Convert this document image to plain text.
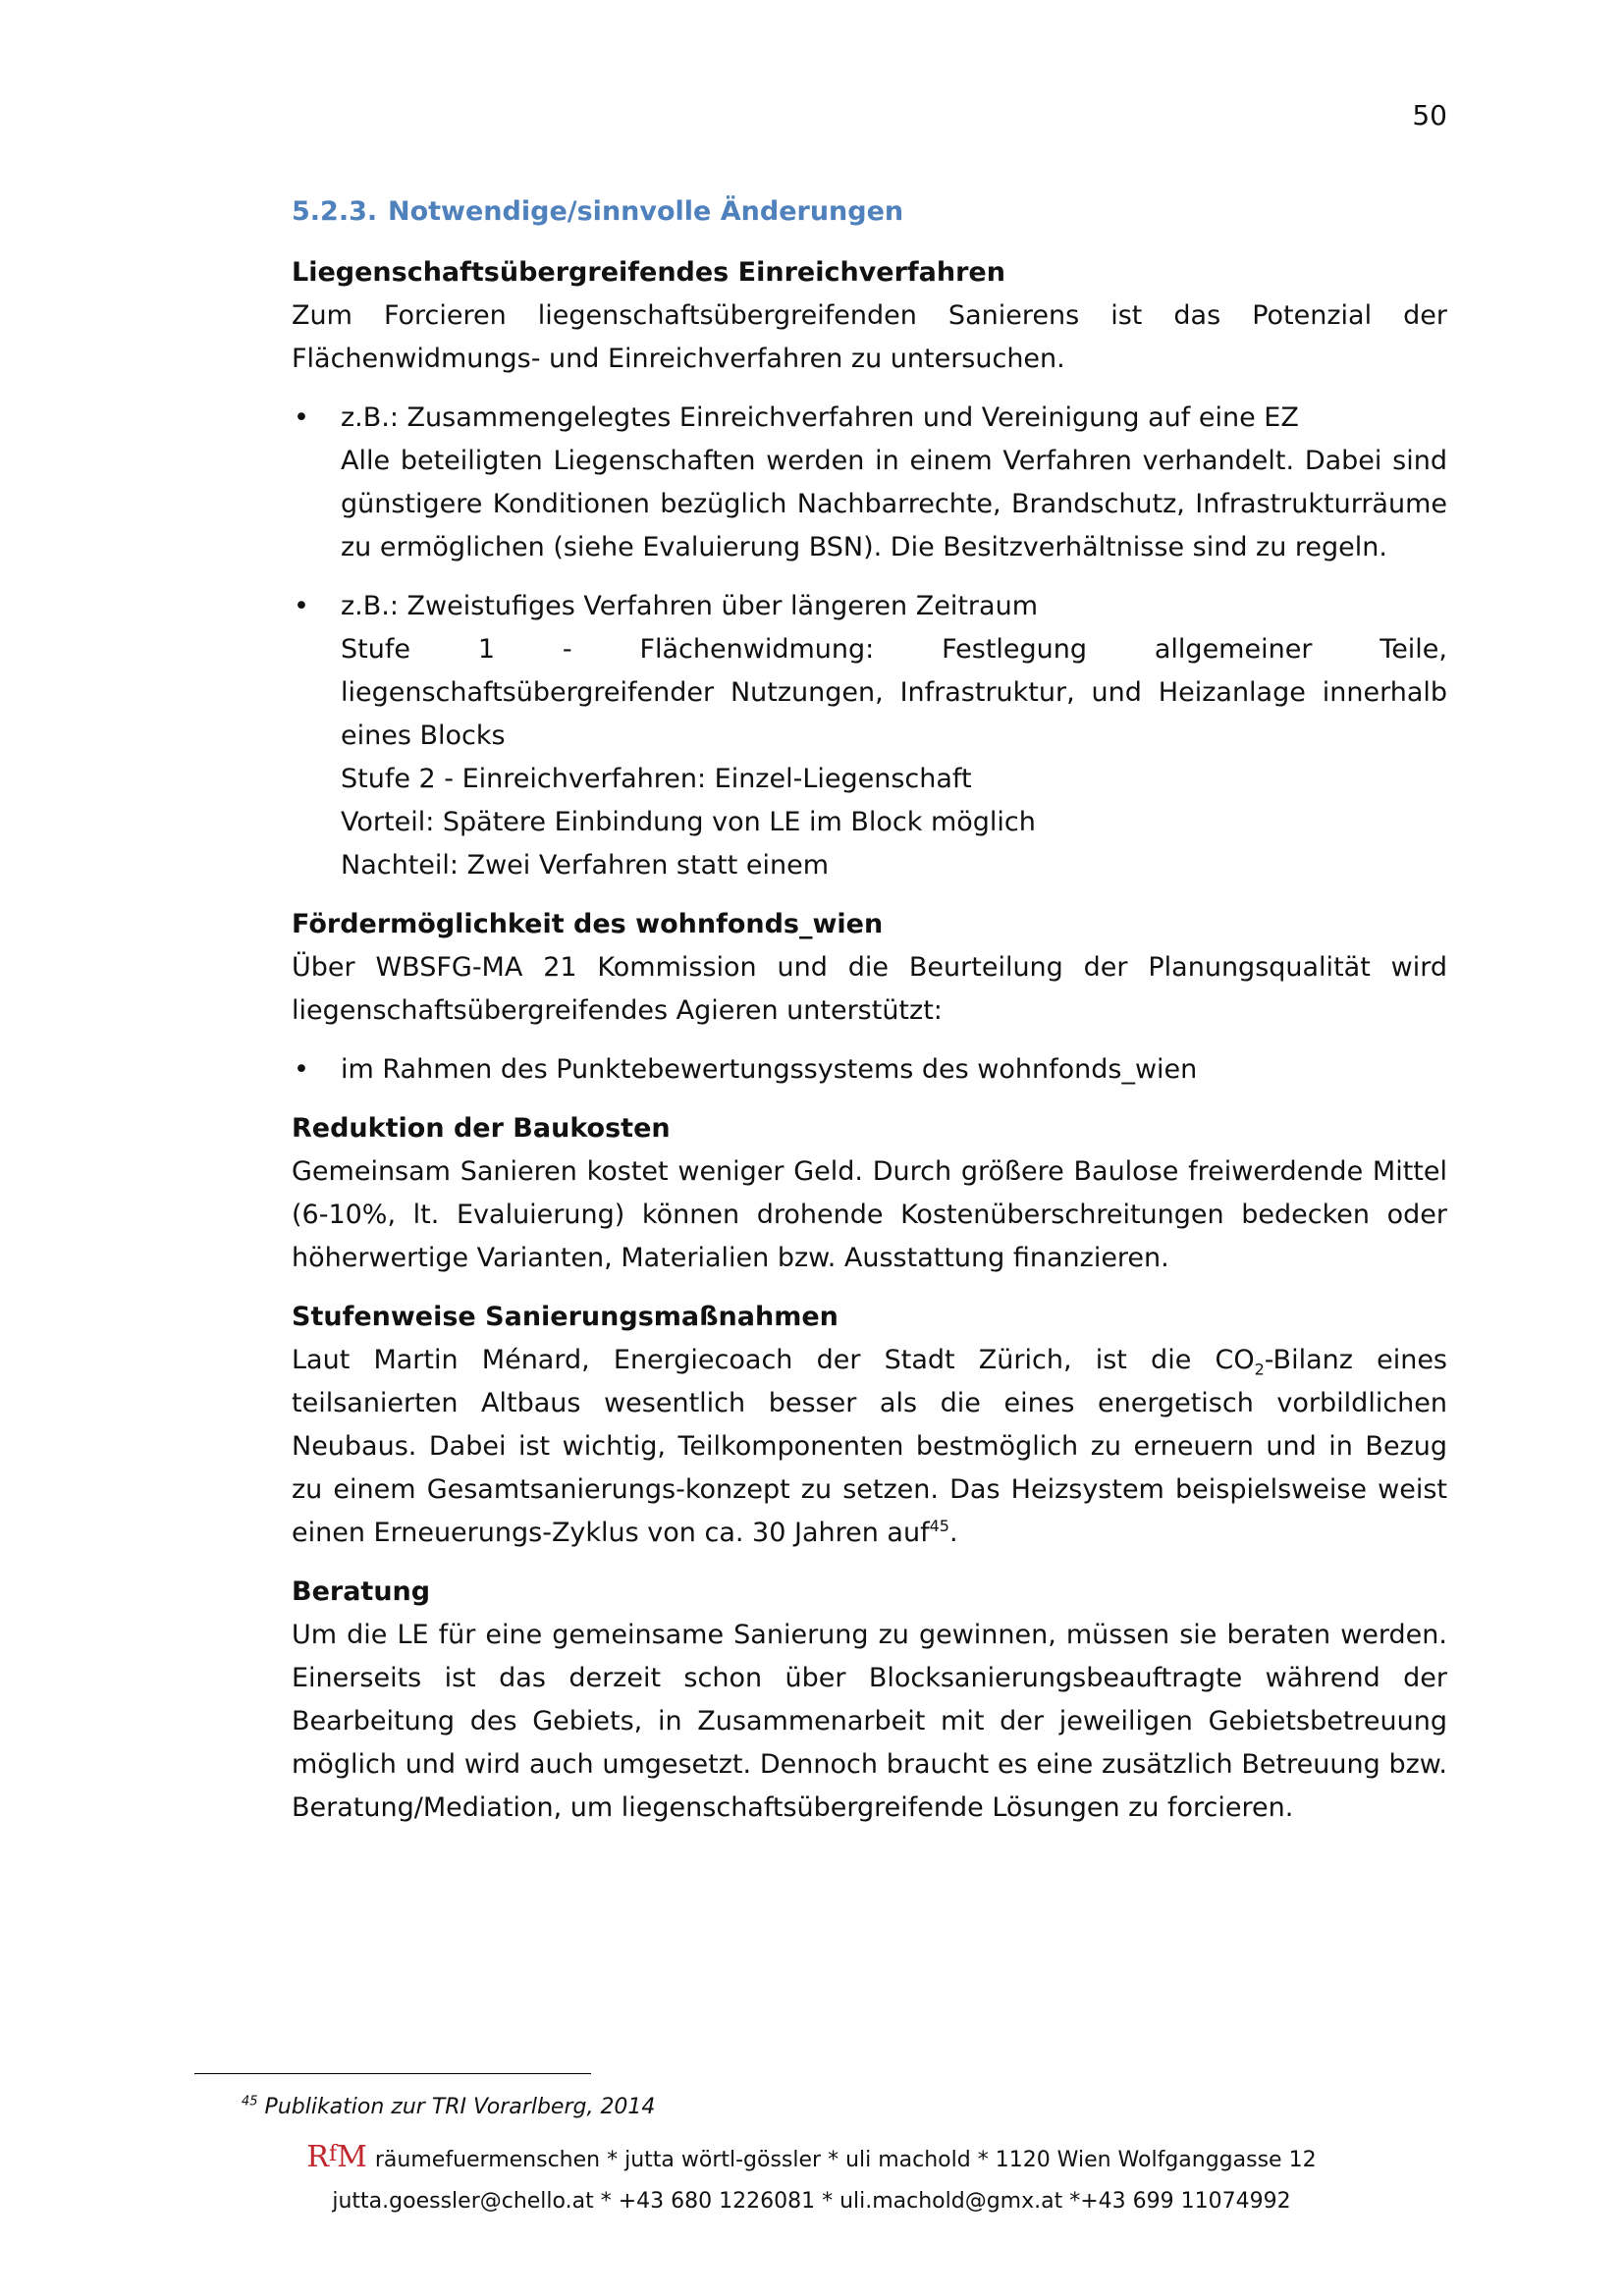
50
5.2.3. Notwendige/sinnvolle Änderungen
Liegenschaftsübergreifendes Einreichverfahren

Zum Forcieren liegenschaftsübergreifenden Sanierens ist das Potenzial der Flächenwidmungs- und Einreichverfahren zu untersuchen.

• z.B.: Zusammengelegtes Einreichverfahren und Vereinigung auf eine EZ
Alle beteiligten Liegenschaften werden in einem Verfahren verhandelt. Dabei sind günstigere Konditionen bezüglich Nachbarrechte, Brandschutz, Infrastrukturräume zu ermöglichen (siehe Evaluierung BSN). Die Besitzverhältnisse sind zu regeln.
• z.B.: Zweistufiges Verfahren über längeren Zeitraum
Stufe 1 - Flächenwidmung: Festlegung allgemeiner Teile, liegenschaftsübergreifender Nutzungen, Infrastruktur, und Heizanlage innerhalb eines Blocks
Stufe 2 - Einreichverfahren: Einzel-Liegenschaft
Vorteil: Spätere Einbindung von LE im Block möglich
Nachteil: Zwei Verfahren statt einem
Fördermöglichkeit des wohnfonds_wien

Über WBSFG-MA 21 Kommission und die Beurteilung der Planungsqualität wird liegenschaftsübergreifendes Agieren unterstützt:

• im Rahmen des Punktebewertungssystems des wohnfonds_wien
Reduktion der Baukosten

Gemeinsam Sanieren kostet weniger Geld. Durch größere Baulose freiwerdende Mittel (6-10%, lt. Evaluierung) können drohende Kostenüberschreitungen bedecken oder höherwertige Varianten, Materialien bzw. Ausstattung finanzieren.

Stufenweise Sanierungsmaßnahmen

Laut Martin Ménard, Energiecoach der Stadt Zürich, ist die $CO_2$-Bilanz eines teilsanierten Altbaus wesentlich besser als die eines energetisch vorbildlichen Neubaus. Dabei ist wichtig, Teilkomponenten bestmöglich zu erneuern und in Bezug zu einem Gesamtsanierungs-konzept zu setzen. Das Heizsystem beispielsweise weist einen Erneuerungs-Zyklus von ca. 30 Jahren auf$^{45}$.

Beratung

Um die LE für eine gemeinsame Sanierung zu gewinnen, müssen sie beraten werden. Einerseits ist das derzeit schon über Blocksanierungsbeauftragte während der Bearbeitung des Gebiets, in Zusammenarbeit mit der jeweiligen Gebietsbetreuung möglich und wird auch umgesetzt. Dennoch braucht es eine zusätzlich Betreuung bzw. Beratung/Mediation, um liegenschaftsübergreifende Lösungen zu forcieren.

$^{45}$ Publikation zur TRI Vorarlberg, 2014
$R^fM$ räumefuermenschen * jutta wörtl-gössler * uli machold * 1120 Wien Wolfganggasse 12
jutta.goessler@chello.at * +43 680 1226081 * uli.machold@gmx.at *+43 699 11074992
